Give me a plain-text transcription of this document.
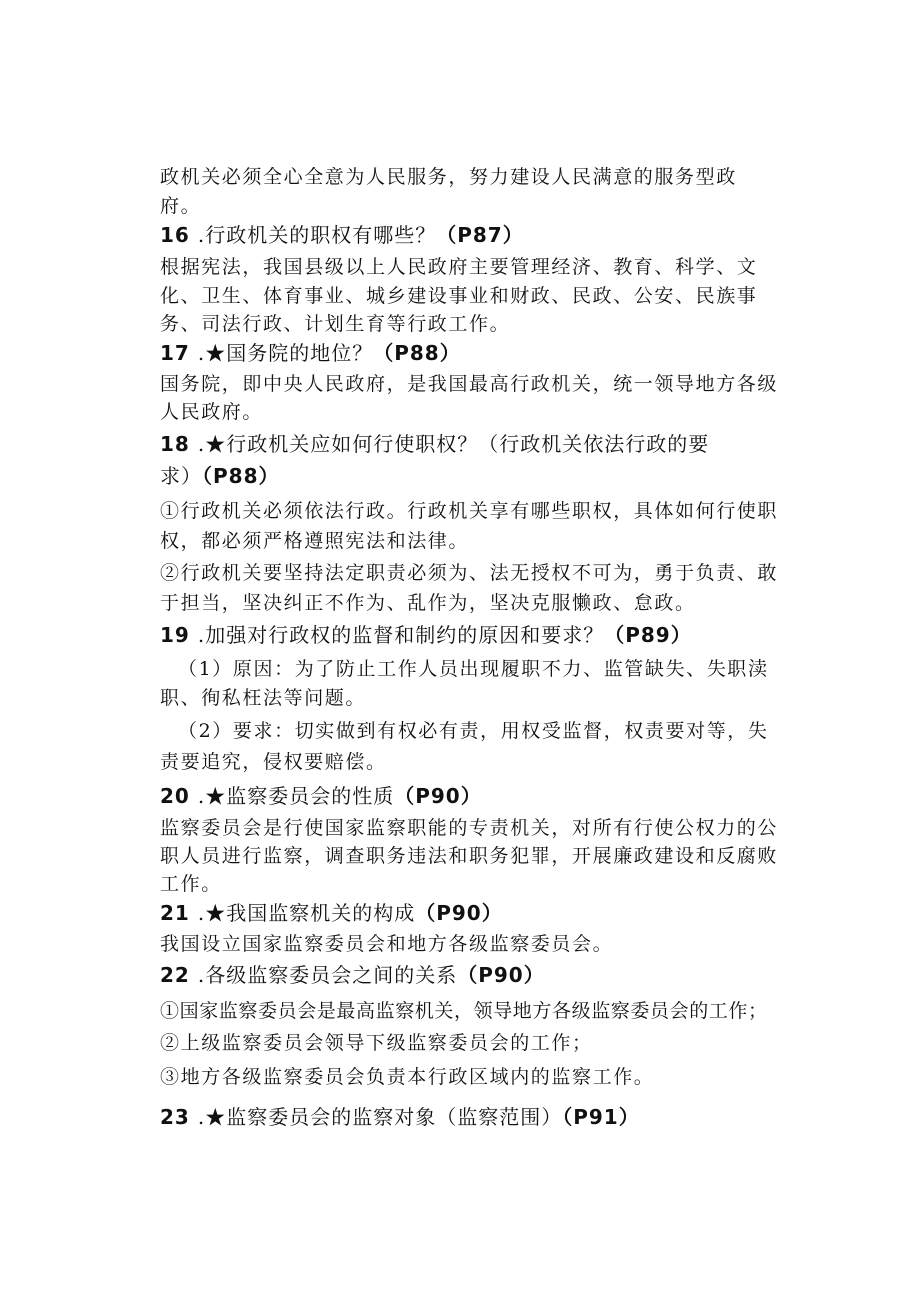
政机关必须全心全意为人民服务，努力建设人民满意的服务型政
府。
16 .行政机关的职权有哪些？（P87）
根据宪法，我国县级以上人民政府主要管理经济、教育、科学、文
化、卫生、体育事业、城乡建设事业和财政、民政、公安、民族事
务、司法行政、计划生育等行政工作。
17 .★国务院的地位？（P88）
国务院，即中央人民政府，是我国最高行政机关，统一领导地方各级
人民政府。
18 .★行政机关应如何行使职权？（行政机关依法行政的要
求）（P88）
①行政机关必须依法行政。行政机关享有哪些职权，具体如何行使职
权，都必须严格遵照宪法和法律。
②行政机关要坚持法定职责必须为、法无授权不可为，勇于负责、敢
于担当，坚决纠正不作为、乱作为，坚决克服懒政、怠政。
19 .加强对行政权的监督和制约的原因和要求？（P89）
（1）原因：为了防止工作人员出现履职不力、监管缺失、失职渎
职、徇私枉法等问题。
（2）要求：切实做到有权必有责，用权受监督，权责要对等，失
责要追究，侵权要赔偿。
20 .★监察委员会的性质（P90）
监察委员会是行使国家监察职能的专责机关，对所有行使公权力的公
职人员进行监察，调查职务违法和职务犯罪，开展廉政建设和反腐败
工作。
21 .★我国监察机关的构成（P90）
我国设立国家监察委员会和地方各级监察委员会。
22 .各级监察委员会之间的关系（P90）
①国家监察委员会是最高监察机关，领导地方各级监察委员会的工作；
②上级监察委员会领导下级监察委员会的工作；
③地方各级监察委员会负责本行政区域内的监察工作。
23 .★监察委员会的监察对象（监察范围）（P91）
